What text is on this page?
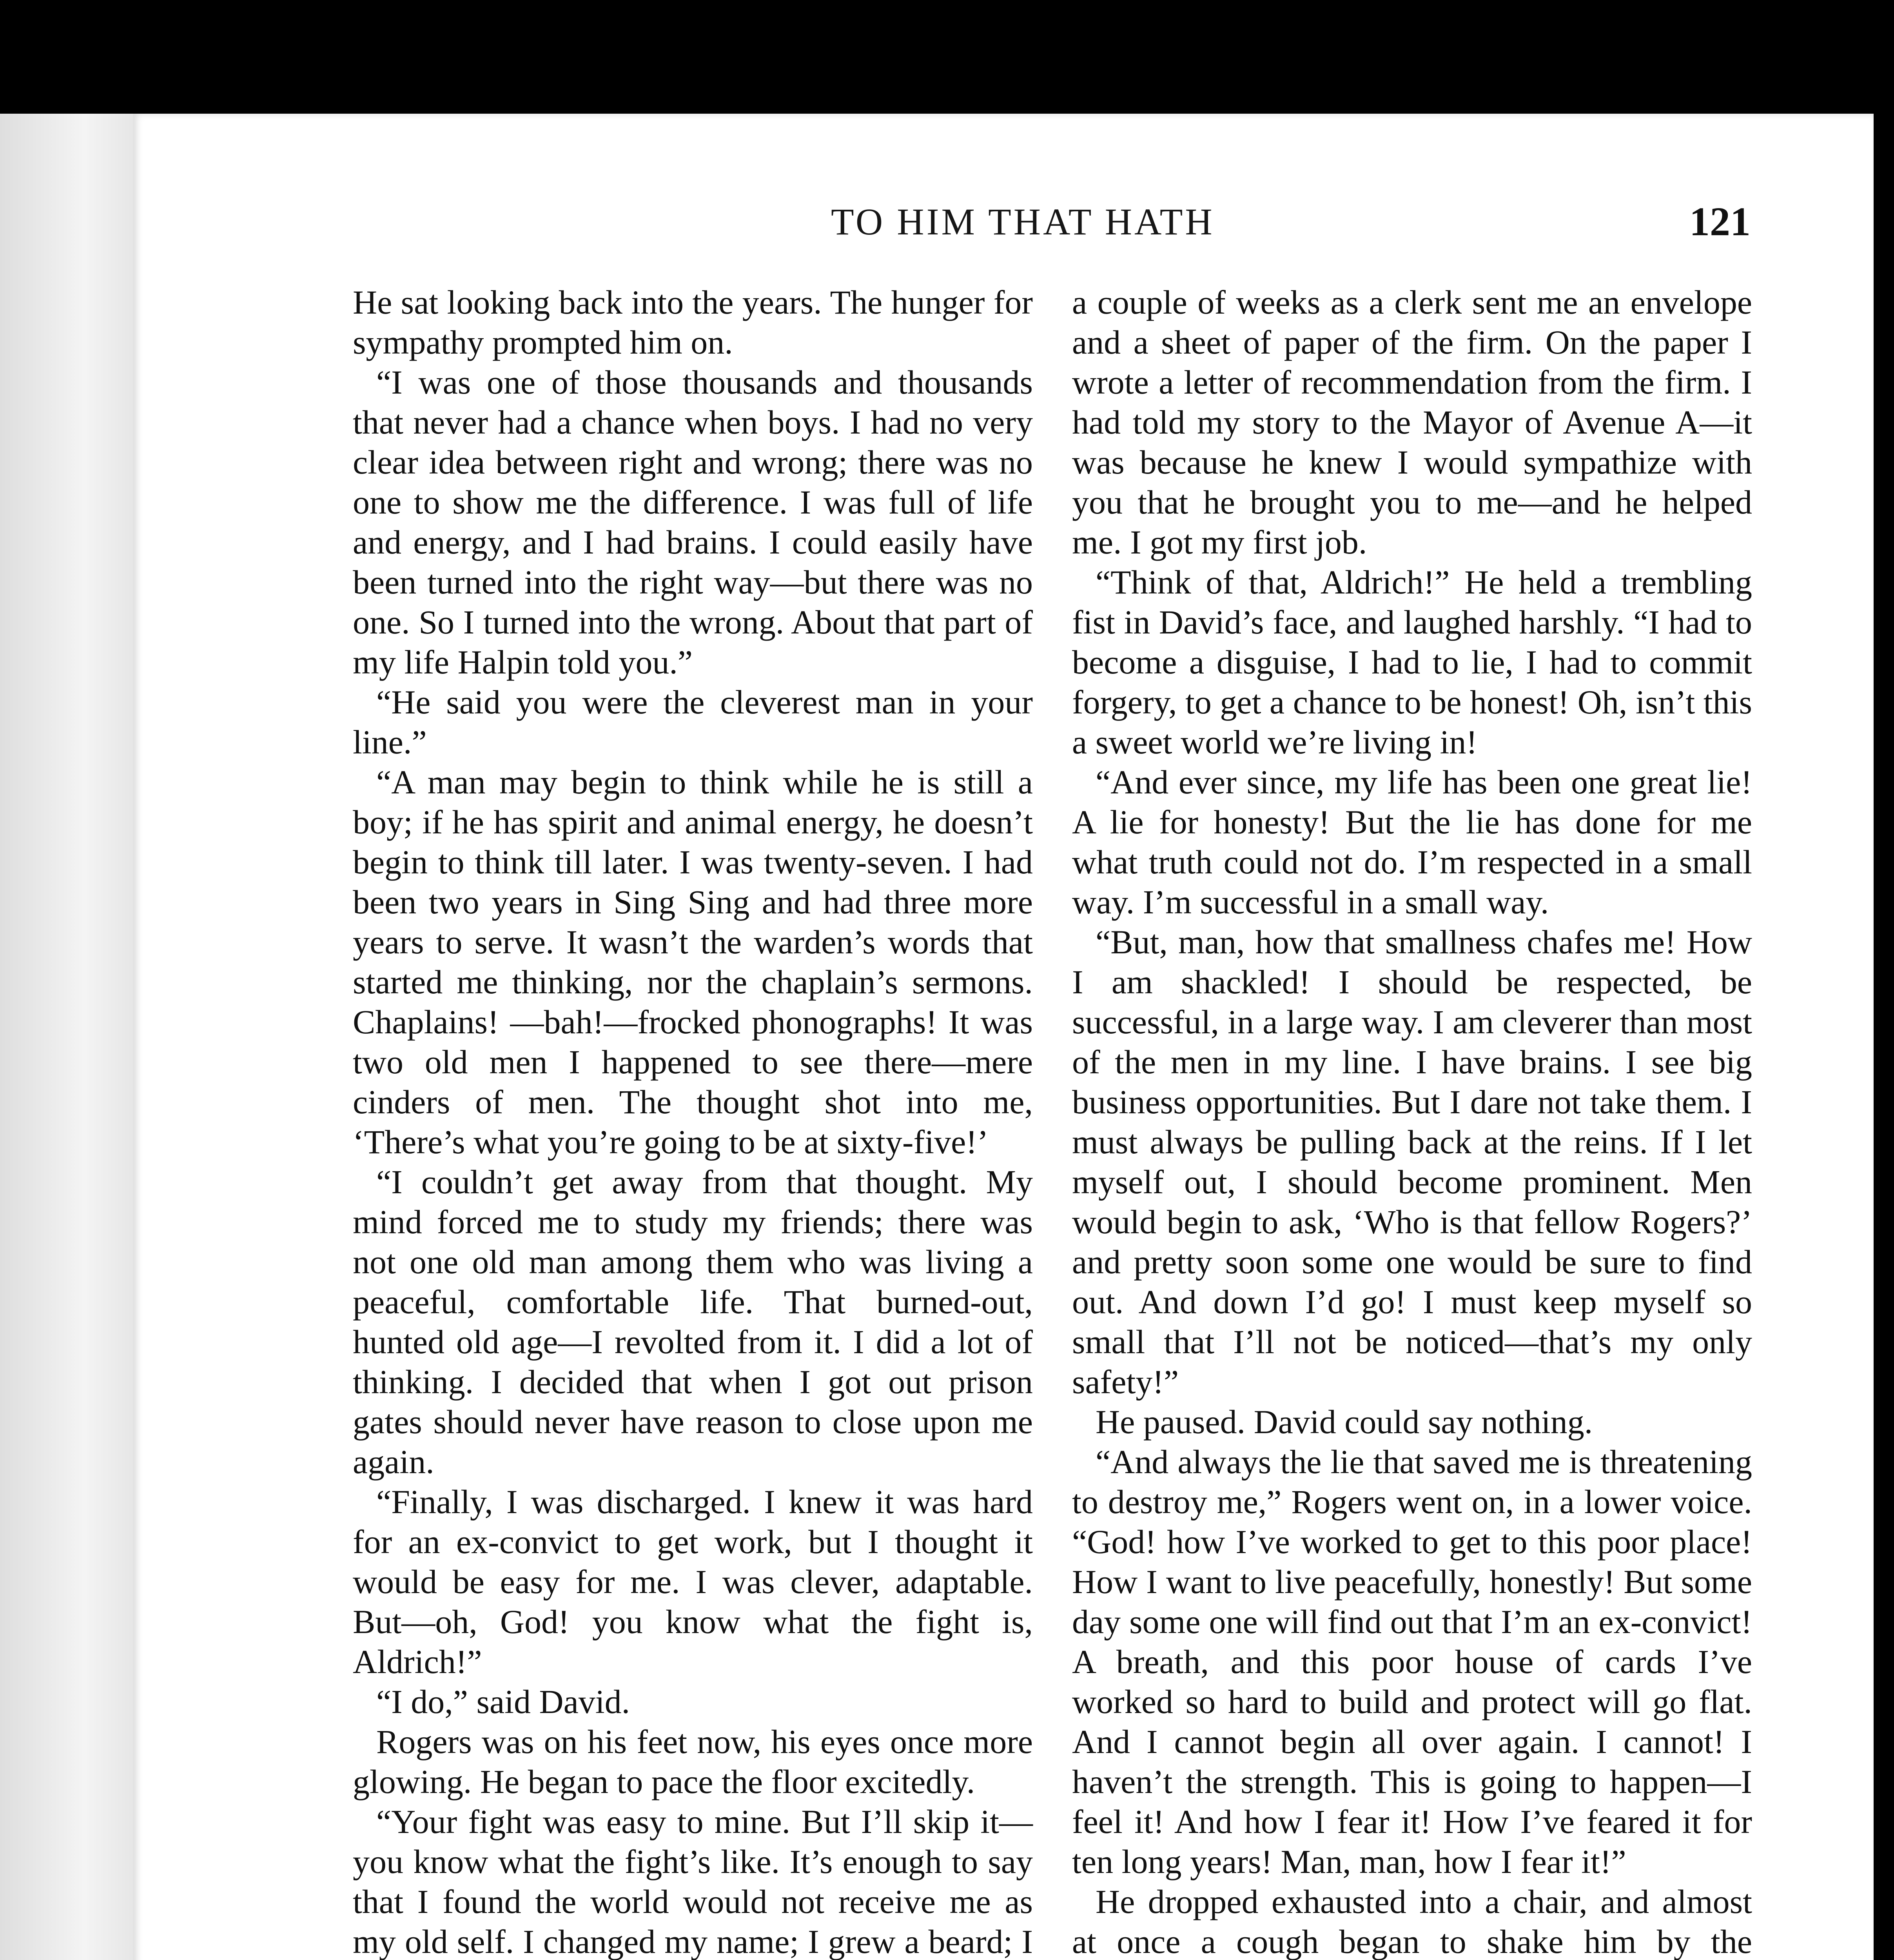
TO HIM THAT HATH	121

He sat looking back into the years. The hunger for sympathy prompted him on.

“I was one of those thousands and thousands that never had a chance when boys. I had no very clear idea between right and wrong; there was no one to show me the difference. I was full of life and energy, and I had brains. I could easily have been turned into the right way—but there was no one. So I turned into the wrong. About that part of my life Halpin told you.”

“He said you were the cleverest man in your line.”

“A man may begin to think while he is still a boy; if he has spirit and animal energy, he doesn’t begin to think till later. I was twenty-seven. I had been two years in Sing Sing and had three more years to serve. It wasn’t the warden’s words that started me thinking, nor the chaplain’s sermons. Chaplains! —bah!—frocked phonographs! It was two old men I happened to see there—mere cinders of men. The thought shot into me, ‘There’s what you’re going to be at sixty-five!’

“I couldn’t get away from that thought. My mind forced me to study my friends; there was not one old man among them who was living a peaceful, comfortable life. That burned-out, hunted old age—I revolted from it. I did a lot of thinking. I decided that when I got out prison gates should never have reason to close upon me again.

“Finally, I was discharged. I knew it was hard for an ex-convict to get work, but I thought it would be easy for me. I was clever, adaptable. But—oh, God! you know what the fight is, Aldrich!”

“I do,” said David.

Rogers was on his feet now, his eyes once more glowing. He began to pace the floor excitedly.

“Your fight was easy to mine. But I’ll skip it—you know what the fight’s like. It’s enough to say that I found the world would not receive me as my old self. I changed my name; I grew a beard; I

a couple of weeks as a clerk sent me an envelope and a sheet of paper of the firm. On the paper I wrote a letter of recommendation from the firm. I had told my story to the Mayor of Avenue A—it was because he knew I would sympathize with you that he brought you to me—and he helped me. I got my first job.

“Think of that, Aldrich!” He held a trembling fist in David’s face, and laughed harshly. “I had to become a disguise, I had to lie, I had to commit forgery, to get a chance to be honest! Oh, isn’t this a sweet world we’re living in!

“And ever since, my life has been one great lie! A lie for honesty! But the lie has done for me what truth could not do. I’m respected in a small way. I’m successful in a small way.

“But, man, how that smallness chafes me! How I am shackled! I should be respected, be successful, in a large way. I am cleverer than most of the men in my line. I have brains. I see big business opportunities. But I dare not take them. I must always be pulling back at the reins. If I let myself out, I should become prominent. Men would begin to ask, ‘Who is that fellow Rogers?’ and pretty soon some one would be sure to find out. And down I’d go! I must keep myself so small that I’ll not be noticed—that’s my only safety!”

He paused. David could say nothing.

“And always the lie that saved me is threatening to destroy me,” Rogers went on, in a lower voice. “God! how I’ve worked to get to this poor place! How I want to live peacefully, honestly! But some day some one will find out that I’m an ex-convict! A breath, and this poor house of cards I’ve worked so hard to build and protect will go flat. And I cannot begin all over again. I cannot! I haven’t the strength. This is going to happen—I feel it! And how I fear it! How I’ve feared it for ten long years! Man, man, how I fear it!”

He dropped exhausted into a chair, and almost at once a cough began to shake him by the
